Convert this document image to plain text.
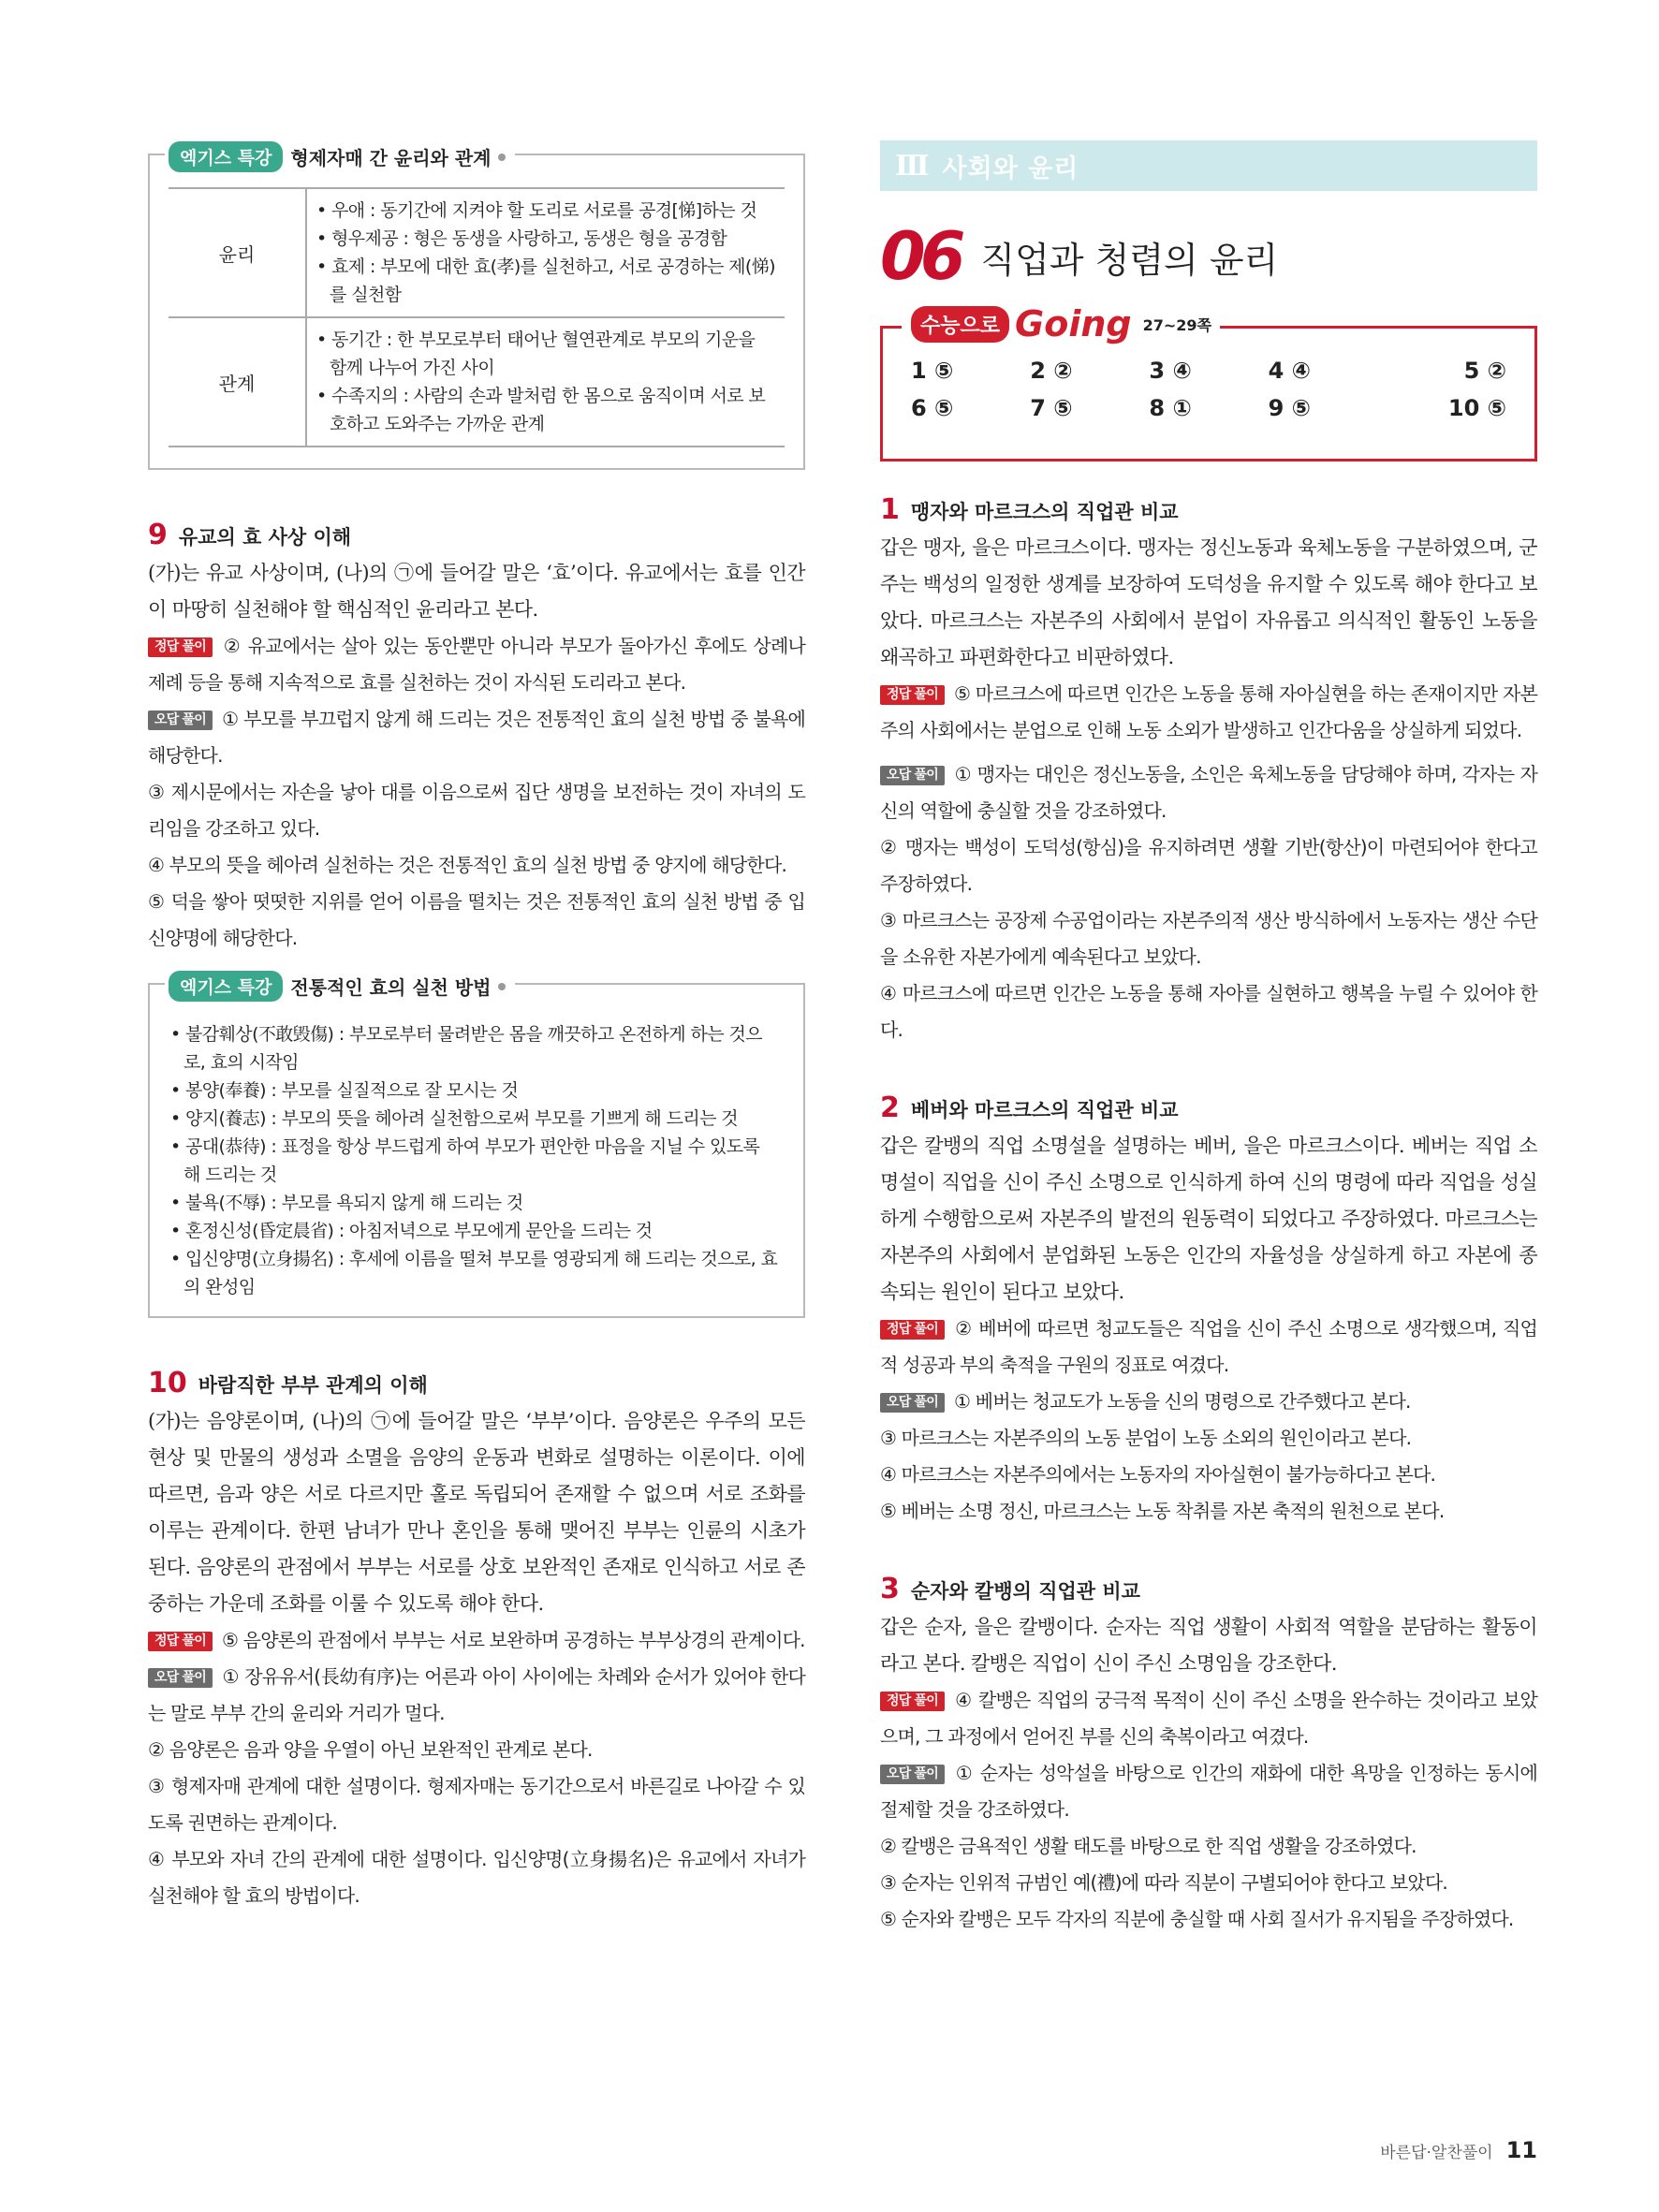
엑기스 특강	형제자매 간 윤리와 관계
윤리
• 우애 : 동기간에 지켜야 할 도리로 서로를 공경[悌]하는 것
• 형우제공 : 형은 동생을 사랑하고, 동생은 형을 공경함
• 효제 : 부모에 대한 효(孝)를 실천하고, 서로 공경하는 제(悌)를 실천함
관계
• 동기간 : 한 부모로부터 태어난 혈연관계로 부모의 기운을 함께 나누어 가진 사이
• 수족지의 : 사람의 손과 발처럼 한 몸으로 움직이며 서로 보호하고 도와주는 가까운 관계
9 유교의 효 사상 이해

(가)는 유교 사상이며, (나)의 ㉠에 들어갈 말은 ‘효’이다. 유교에서는 효를 인간이 마땅히 실천해야 할 핵심적인 윤리라고 본다.

정답 풀이 ② 유교에서는 살아 있는 동안뿐만 아니라 부모가 돌아가신 후에도 상례나 제례 등을 통해 지속적으로 효를 실천하는 것이 자식된 도리라고 본다.

오답 풀이 ① 부모를 부끄럽지 않게 해 드리는 것은 전통적인 효의 실천 방법 중 불욕에 해당한다.

③ 제시문에서는 자손을 낳아 대를 이음으로써 집단 생명을 보전하는 것이 자녀의 도리임을 강조하고 있다.

④ 부모의 뜻을 헤아려 실천하는 것은 전통적인 효의 실천 방법 중 양지에 해당한다.

⑤ 덕을 쌓아 떳떳한 지위를 얻어 이름을 떨치는 것은 전통적인 효의 실천 방법 중 입신양명에 해당한다.

엑기스 특강	전통적인 효의 실천 방법
• 불감훼상(不敢毁傷) : 부모로부터 물려받은 몸을 깨끗하고 온전하게 하는 것으로, 효의 시작임
• 봉양(奉養) : 부모를 실질적으로 잘 모시는 것
• 양지(養志) : 부모의 뜻을 헤아려 실천함으로써 부모를 기쁘게 해 드리는 것
• 공대(恭待) : 표정을 항상 부드럽게 하여 부모가 편안한 마음을 지닐 수 있도록 해 드리는 것
• 불욕(不辱) : 부모를 욕되지 않게 해 드리는 것
• 혼정신성(昏定晨省) : 아침저녁으로 부모에게 문안을 드리는 것
• 입신양명(立身揚名) : 후세에 이름을 떨쳐 부모를 영광되게 해 드리는 것으로, 효의 완성임
10 바람직한 부부 관계의 이해

(가)는 음양론이며, (나)의 ㉠에 들어갈 말은 ‘부부’이다. 음양론은 우주의 모든 현상 및 만물의 생성과 소멸을 음양의 운동과 변화로 설명하는 이론이다. 이에 따르면, 음과 양은 서로 다르지만 홀로 독립되어 존재할 수 없으며 서로 조화를 이루는 관계이다. 한편 남녀가 만나 혼인을 통해 맺어진 부부는 인륜의 시초가 된다. 음양론의 관점에서 부부는 서로를 상호 보완적인 존재로 인식하고 서로 존중하는 가운데 조화를 이룰 수 있도록 해야 한다.

정답 풀이 ⑤ 음양론의 관점에서 부부는 서로 보완하며 공경하는 부부상경의 관계이다.

오답 풀이 ① 장유유서(長幼有序)는 어른과 아이 사이에는 차례와 순서가 있어야 한다는 말로 부부 간의 윤리와 거리가 멀다.

② 음양론은 음과 양을 우열이 아닌 보완적인 관계로 본다.

③ 형제자매 관계에 대한 설명이다. 형제자매는 동기간으로서 바른길로 나아갈 수 있도록 권면하는 관계이다.

④ 부모와 자녀 간의 관계에 대한 설명이다. 입신양명(立身揚名)은 유교에서 자녀가 실천해야 할 효의 방법이다.

Ⅲ 사회와 윤리
06 직업과 청렴의 윤리
수능으로 Going 27~29쪽
1 ⑤	2 ②	3 ④	4 ④	5 ②
6 ⑤	7 ⑤	8 ①	9 ⑤	10 ⑤
1 맹자와 마르크스의 직업관 비교

갑은 맹자, 을은 마르크스이다. 맹자는 정신노동과 육체노동을 구분하였으며, 군주는 백성의 일정한 생계를 보장하여 도덕성을 유지할 수 있도록 해야 한다고 보았다. 마르크스는 자본주의 사회에서 분업이 자유롭고 의식적인 활동인 노동을 왜곡하고 파편화한다고 비판하였다.

정답 풀이 ⑤ 마르크스에 따르면 인간은 노동을 통해 자아실현을 하는 존재이지만 자본주의 사회에서는 분업으로 인해 노동 소외가 발생하고 인간다움을 상실하게 되었다.

오답 풀이 ① 맹자는 대인은 정신노동을, 소인은 육체노동을 담당해야 하며, 각자는 자신의 역할에 충실할 것을 강조하였다.

② 맹자는 백성이 도덕성(항심)을 유지하려면 생활 기반(항산)이 마련되어야 한다고 주장하였다.

③ 마르크스는 공장제 수공업이라는 자본주의적 생산 방식하에서 노동자는 생산 수단을 소유한 자본가에게 예속된다고 보았다.

④ 마르크스에 따르면 인간은 노동을 통해 자아를 실현하고 행복을 누릴 수 있어야 한다.

2 베버와 마르크스의 직업관 비교

갑은 칼뱅의 직업 소명설을 설명하는 베버, 을은 마르크스이다. 베버는 직업 소명설이 직업을 신이 주신 소명으로 인식하게 하여 신의 명령에 따라 직업을 성실하게 수행함으로써 자본주의 발전의 원동력이 되었다고 주장하였다. 마르크스는 자본주의 사회에서 분업화된 노동은 인간의 자율성을 상실하게 하고 자본에 종속되는 원인이 된다고 보았다.

정답 풀이 ② 베버에 따르면 청교도들은 직업을 신이 주신 소명으로 생각했으며, 직업적 성공과 부의 축적을 구원의 징표로 여겼다.

오답 풀이 ① 베버는 청교도가 노동을 신의 명령으로 간주했다고 본다.

③ 마르크스는 자본주의의 노동 분업이 노동 소외의 원인이라고 본다.

④ 마르크스는 자본주의에서는 노동자의 자아실현이 불가능하다고 본다.

⑤ 베버는 소명 정신, 마르크스는 노동 착취를 자본 축적의 원천으로 본다.

3 순자와 칼뱅의 직업관 비교

갑은 순자, 을은 칼뱅이다. 순자는 직업 생활이 사회적 역할을 분담하는 활동이라고 본다. 칼뱅은 직업이 신이 주신 소명임을 강조한다.

정답 풀이 ④ 칼뱅은 직업의 궁극적 목적이 신이 주신 소명을 완수하는 것이라고 보았으며, 그 과정에서 얻어진 부를 신의 축복이라고 여겼다.

오답 풀이 ① 순자는 성악설을 바탕으로 인간의 재화에 대한 욕망을 인정하는 동시에 절제할 것을 강조하였다.

② 칼뱅은 금욕적인 생활 태도를 바탕으로 한 직업 생활을 강조하였다.

③ 순자는 인위적 규범인 예(禮)에 따라 직분이 구별되어야 한다고 보았다.

⑤ 순자와 칼뱅은 모두 각자의 직분에 충실할 때 사회 질서가 유지됨을 주장하였다.

바른답·알찬풀이 11
